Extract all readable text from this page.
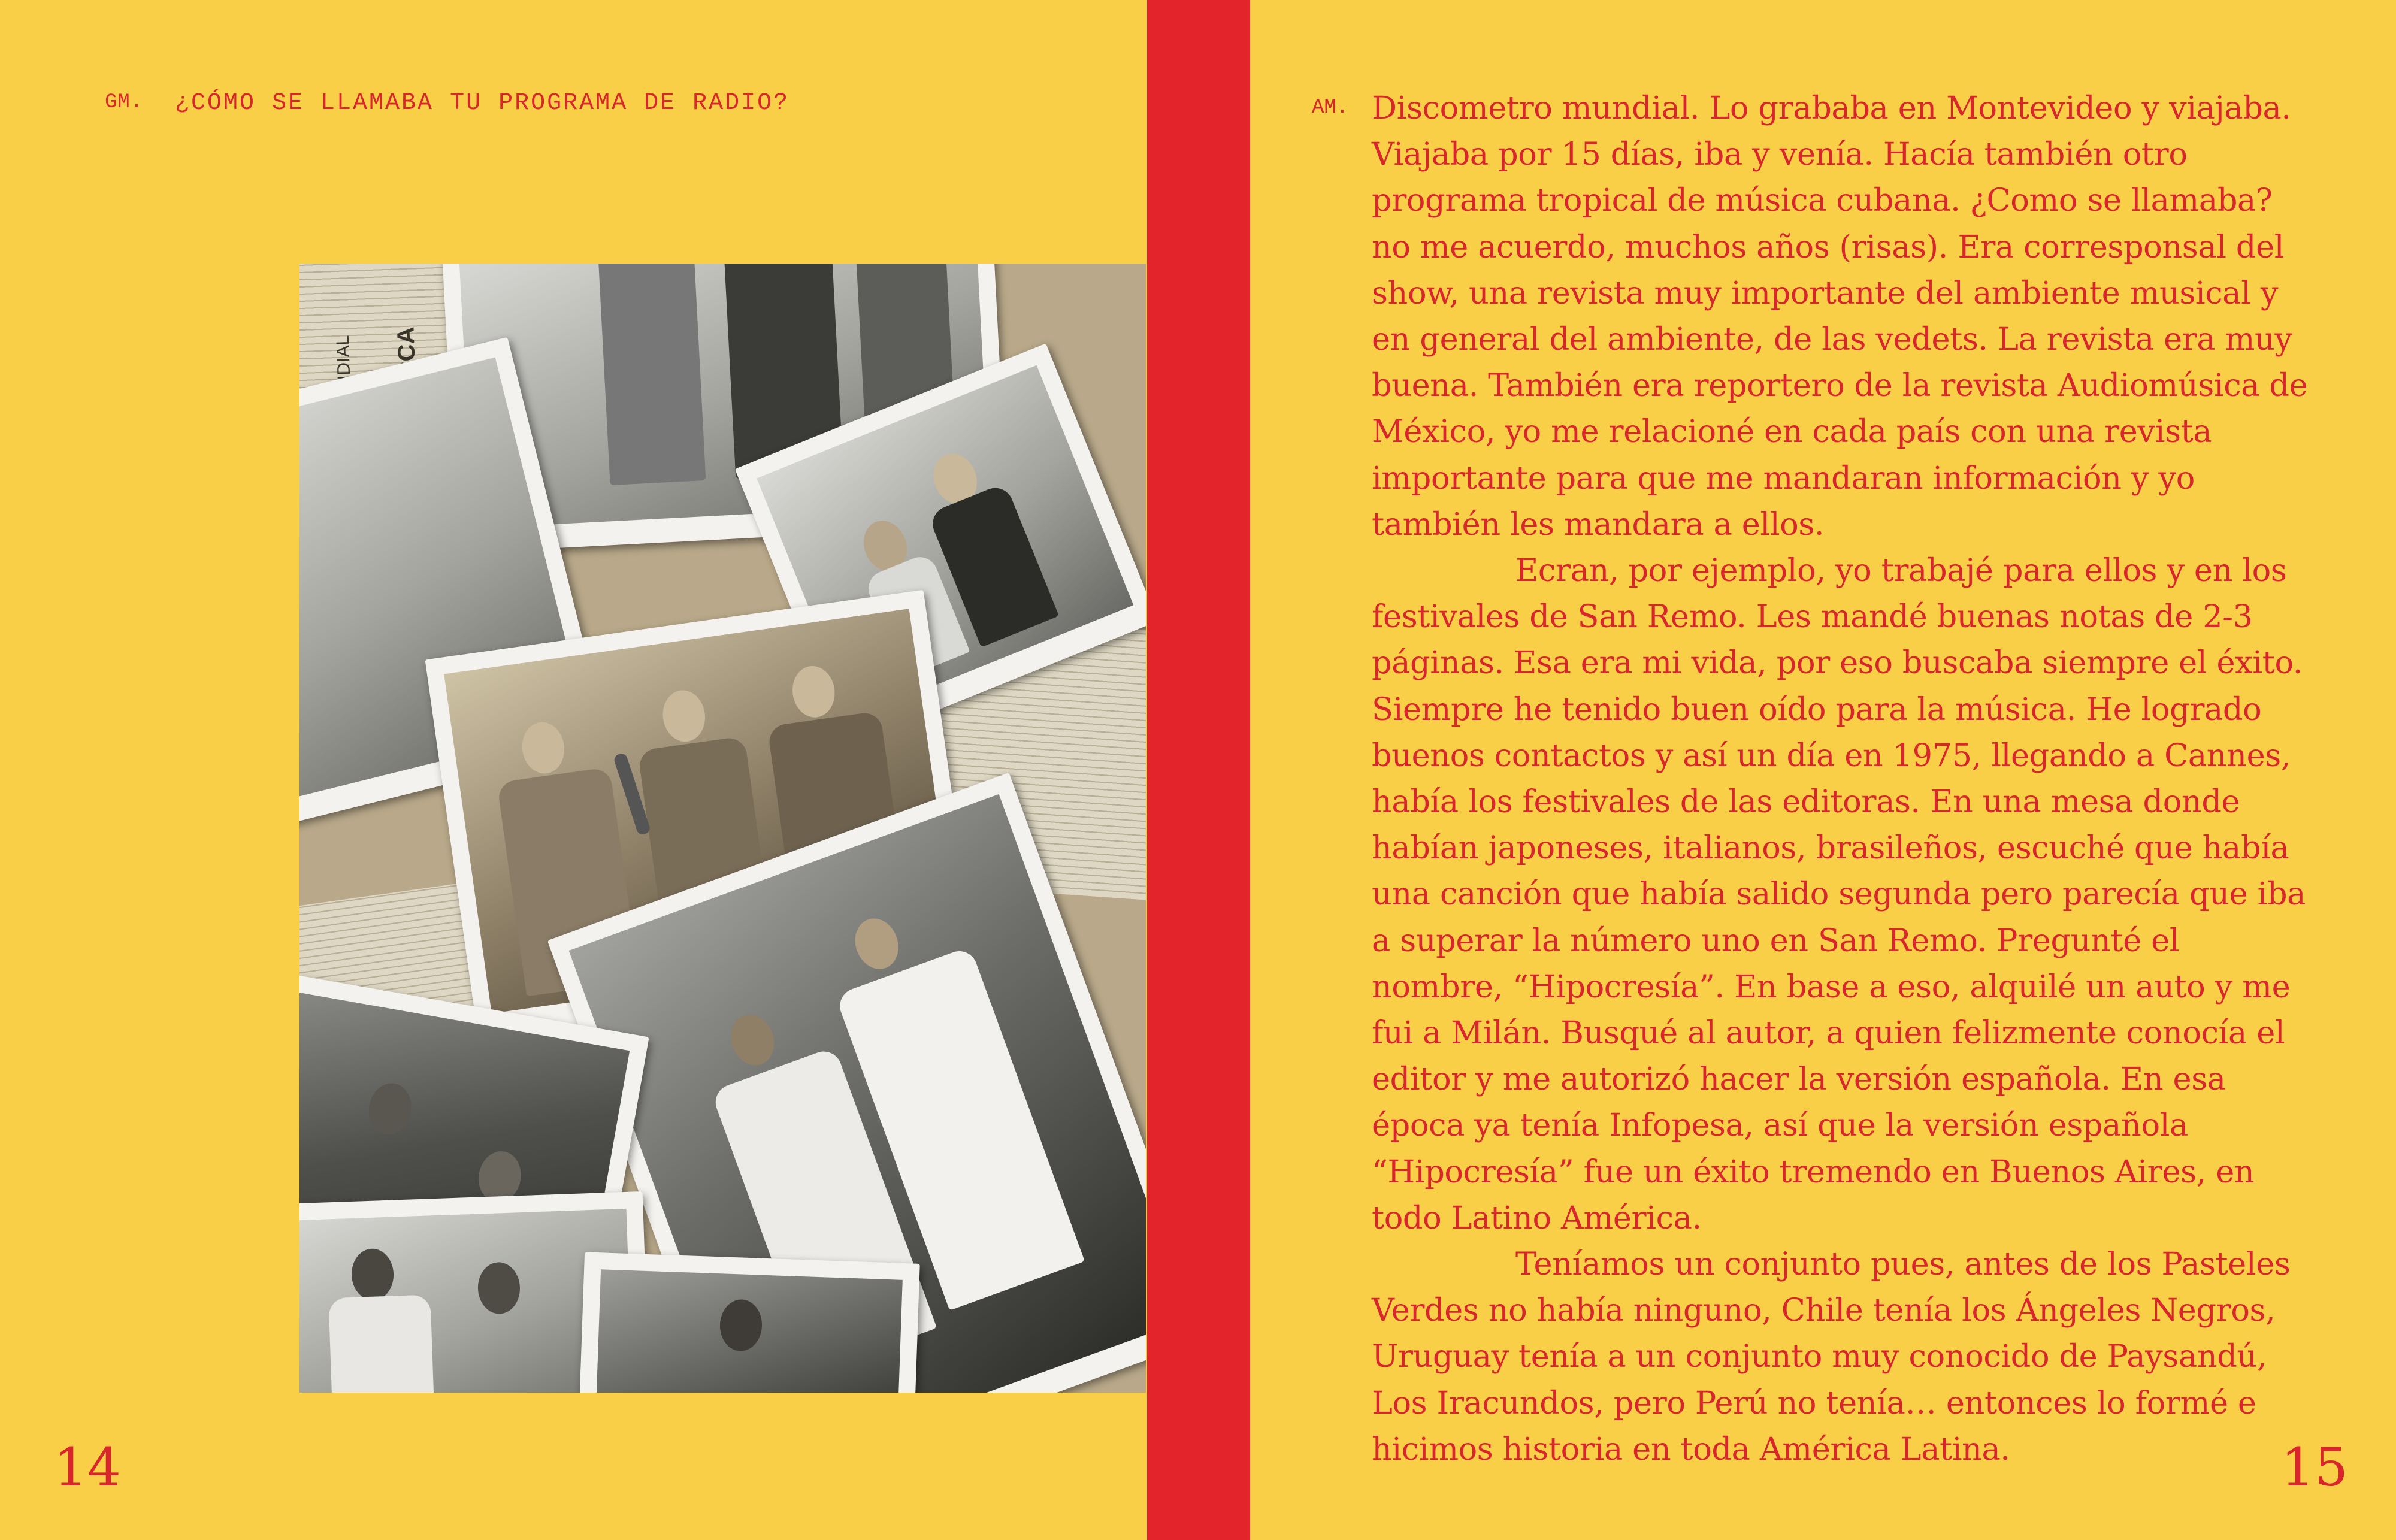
GM. ¿CÓMO SE LLAMABA TU PROGRAMA DE RADIO?
14	15
AM. Discometro mundial. Lo grababa en Montevideo y viajaba. Viajaba por 15 días, iba y venía. Hacía también otro programa tropical de música cubana. ¿Como se llamaba? no me acuerdo, muchos años (risas). Era corresponsal del show, una revista muy importante del ambiente musical y en general del ambiente, de las vedets. La revista era muy buena. También era reportero de la revista Audiomúsica de México, yo me relacioné en cada país con una revista importante para que me mandaran información y yo también les mandara a ellos.

Ecran, por ejemplo, yo trabajé para ellos y en los festivales de San Remo. Les mandé buenas notas de 2-3 páginas. Esa era mi vida, por eso buscaba siempre el éxito. Siempre he tenido buen oído para la música. He logrado buenos contactos y así un día en 1975, llegando a Cannes, había los festivales de las editoras. En una mesa donde habían japoneses, italianos, brasileños, escuché que había una canción que había salido segunda pero parecía que iba a superar la número uno en San Remo. Pregunté el nombre, “Hipocresía”. En base a eso, alquilé un auto y me fui a Milán. Busqué al autor, a quien felizmente conocía el editor y me autorizó hacer la versión española. En esa época ya tenía Infopesa, así que la versión española “Hipocresía” fue un éxito tremendo en Buenos Aires, en todo Latino América.

Teníamos un conjunto pues, antes de los Pasteles Verdes no había ninguno, Chile tenía los Ángeles Negros, Uruguay tenía a un conjunto muy conocido de Paysandú, Los Iracundos, pero Perú no tenía… entonces lo formé e hicimos historia en toda América Latina.
